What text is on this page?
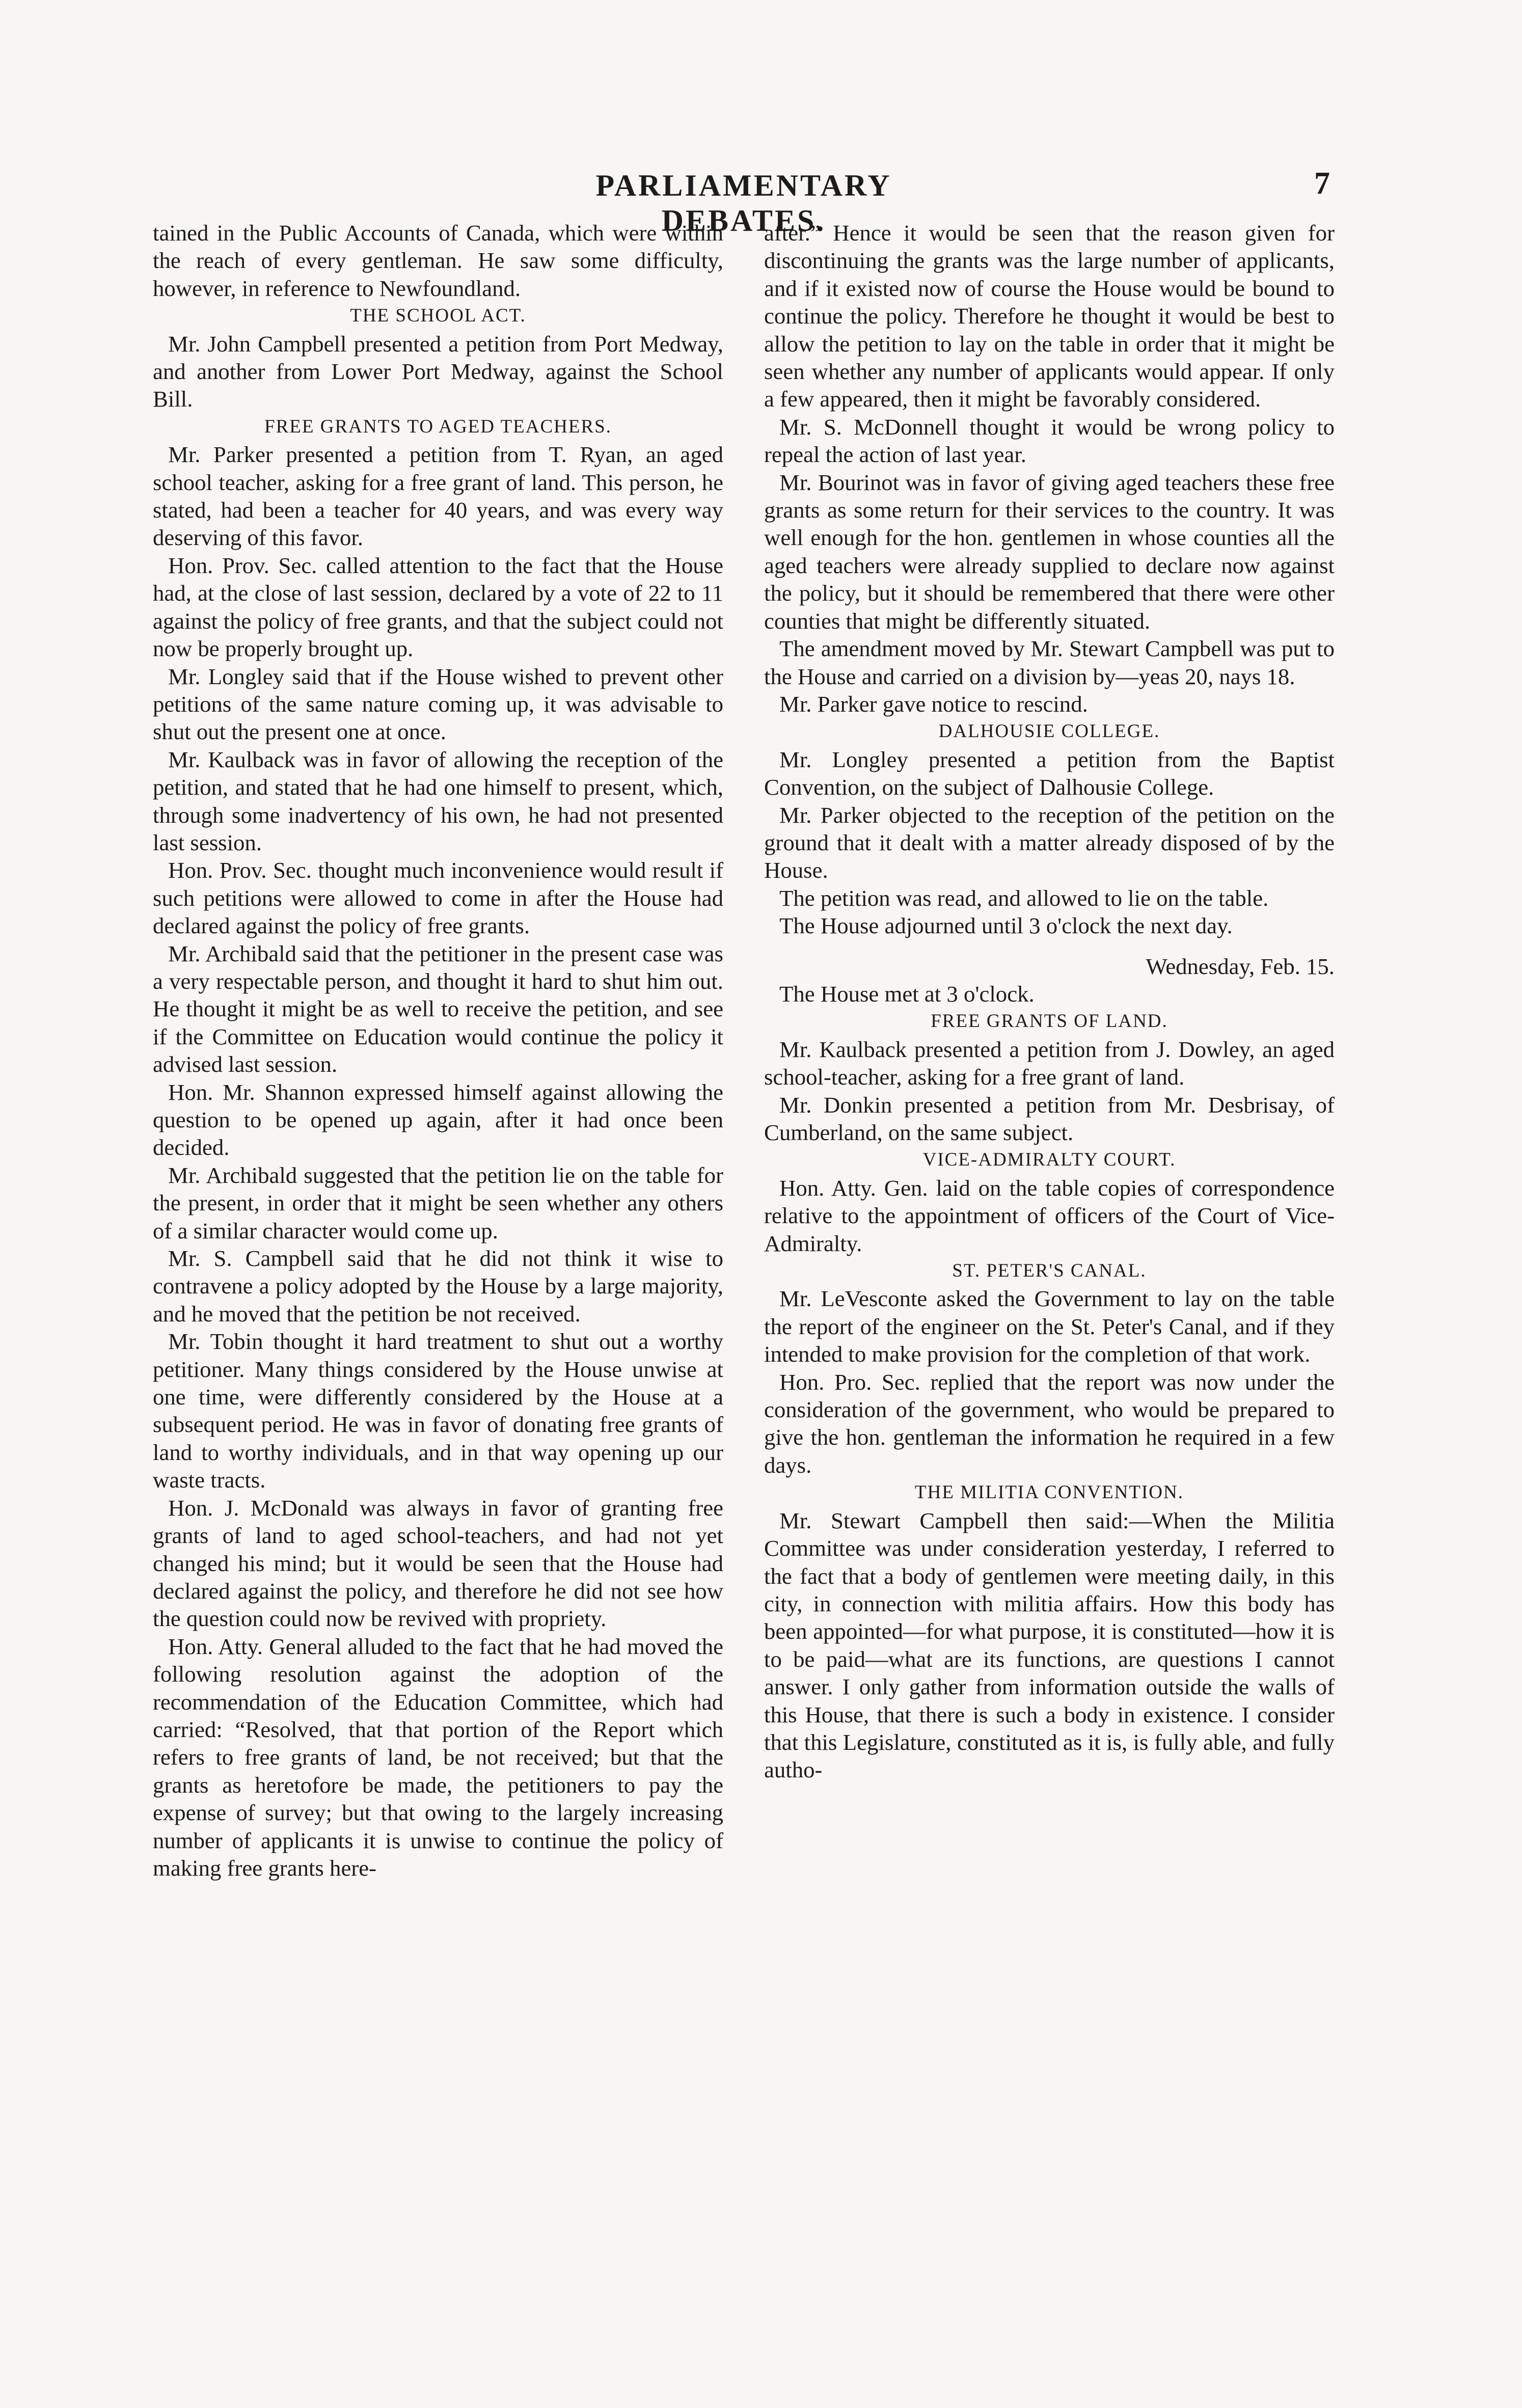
PARLIAMENTARY DEBATES.
7

tained in the Public Accounts of Canada, which were within the reach of every gentleman. He saw some difficulty, however, in reference to Newfoundland.

THE SCHOOL ACT.

Mr. John Campbell presented a petition from Port Medway, and another from Lower Port Medway, against the School Bill.

FREE GRANTS TO AGED TEACHERS.

Mr. Parker presented a petition from T. Ryan, an aged school teacher, asking for a free grant of land. This person, he stated, had been a teacher for 40 years, and was every way deserving of this favor.

Hon. Prov. Sec. called attention to the fact that the House had, at the close of last session, declared by a vote of 22 to 11 against the policy of free grants, and that the subject could not now be properly brought up.

Mr. Longley said that if the House wished to prevent other petitions of the same nature coming up, it was advisable to shut out the present one at once.

Mr. Kaulback was in favor of allowing the reception of the petition, and stated that he had one himself to present, which, through some inadvertency of his own, he had not presented last session.

Hon. Prov. Sec. thought much inconvenience would result if such petitions were allowed to come in after the House had declared against the policy of free grants.

Mr. Archibald said that the petitioner in the present case was a very respectable person, and thought it hard to shut him out. He thought it might be as well to receive the petition, and see if the Committee on Education would continue the policy it advised last session.

Hon. Mr. Shannon expressed himself against allowing the question to be opened up again, after it had once been decided.

Mr. Archibald suggested that the petition lie on the table for the present, in order that it might be seen whether any others of a similar character would come up.

Mr. S. Campbell said that he did not think it wise to contravene a policy adopted by the House by a large majority, and he moved that the petition be not received.

Mr. Tobin thought it hard treatment to shut out a worthy petitioner. Many things considered by the House unwise at one time, were differently considered by the House at a subsequent period. He was in favor of donating free grants of land to worthy individuals, and in that way opening up our waste tracts.

Hon. J. McDonald was always in favor of granting free grants of land to aged school-teachers, and had not yet changed his mind; but it would be seen that the House had declared against the policy, and therefore he did not see how the question could now be revived with propriety.

Hon. Atty. General alluded to the fact that he had moved the following resolution against the adoption of the recommendation of the Education Committee, which had carried: “Resolved, that that portion of the Report which refers to free grants of land, be not received; but that the grants as heretofore be made, the petitioners to pay the expense of survey; but that owing to the largely increasing number of applicants it is unwise to continue the policy of making free grants here-

after.” Hence it would be seen that the reason given for discontinuing the grants was the large number of applicants, and if it existed now of course the House would be bound to continue the policy. Therefore he thought it would be best to allow the petition to lay on the table in order that it might be seen whether any number of applicants would appear. If only a few appeared, then it might be favorably considered.

Mr. S. McDonnell thought it would be wrong policy to repeal the action of last year.

Mr. Bourinot was in favor of giving aged teachers these free grants as some return for their services to the country. It was well enough for the hon. gentlemen in whose counties all the aged teachers were already supplied to declare now against the policy, but it should be remembered that there were other counties that might be differently situated.

The amendment moved by Mr. Stewart Campbell was put to the House and carried on a division by—yeas 20, nays 18.

Mr. Parker gave notice to rescind.

DALHOUSIE COLLEGE.

Mr. Longley presented a petition from the Baptist Convention, on the subject of Dalhousie College.

Mr. Parker objected to the reception of the petition on the ground that it dealt with a matter already disposed of by the House.

The petition was read, and allowed to lie on the table.

The House adjourned until 3 o'clock the next day.

Wednesday, Feb. 15.

The House met at 3 o'clock.

FREE GRANTS OF LAND.

Mr. Kaulback presented a petition from J. Dowley, an aged school-teacher, asking for a free grant of land.

Mr. Donkin presented a petition from Mr. Desbrisay, of Cumberland, on the same subject.

VICE-ADMIRALTY COURT.

Hon. Atty. Gen. laid on the table copies of correspondence relative to the appointment of officers of the Court of Vice-Admiralty.

ST. PETER'S CANAL.

Mr. LeVesconte asked the Government to lay on the table the report of the engineer on the St. Peter's Canal, and if they intended to make provision for the completion of that work.

Hon. Pro. Sec. replied that the report was now under the consideration of the government, who would be prepared to give the hon. gentleman the information he required in a few days.

THE MILITIA CONVENTION.

Mr. Stewart Campbell then said:—When the Militia Committee was under consideration yesterday, I referred to the fact that a body of gentlemen were meeting daily, in this city, in connection with militia affairs. How this body has been appointed—for what purpose, it is constituted—how it is to be paid—what are its functions, are questions I cannot answer. I only gather from information outside the walls of this House, that there is such a body in existence. I consider that this Legislature, constituted as it is, is fully able, and fully autho-
